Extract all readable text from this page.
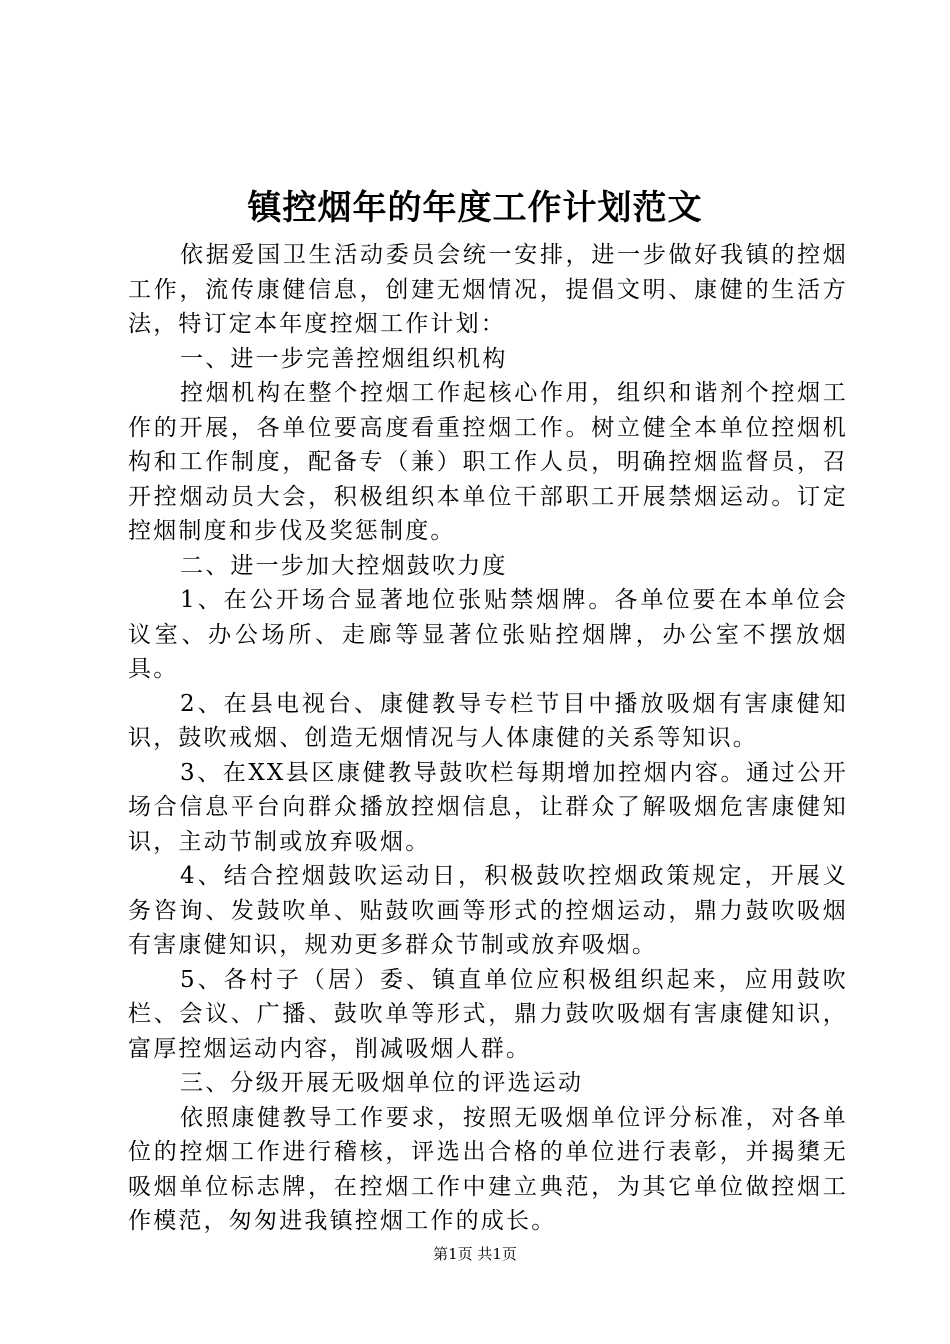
镇控烟年的年度工作计划范文

依据爱国卫生活动委员会统一安排，进一步做好我镇的控烟工作，流传康健信息，创建无烟情况，提倡文明、康健的生活方法，特订定本年度控烟工作计划：

一、进一步完善控烟组织机构

控烟机构在整个控烟工作起核心作用，组织和谐剂个控烟工作的开展，各单位要高度看重控烟工作。树立健全本单位控烟机构和工作制度，配备专（兼）职工作人员，明确控烟监督员，召开控烟动员大会，积极组织本单位干部职工开展禁烟运动。订定控烟制度和步伐及奖惩制度。

二、进一步加大控烟鼓吹力度

1、在公开场合显著地位张贴禁烟牌。各单位要在本单位会议室、办公场所、走廊等显著位张贴控烟牌，办公室不摆放烟具。

2、在县电视台、康健教导专栏节目中播放吸烟有害康健知识，鼓吹戒烟、创造无烟情况与人体康健的关系等知识。

3、在XX县区康健教导鼓吹栏每期增加控烟内容。通过公开场合信息平台向群众播放控烟信息，让群众了解吸烟危害康健知识，主动节制或放弃吸烟。

4、结合控烟鼓吹运动日，积极鼓吹控烟政策规定，开展义务咨询、发鼓吹单、贴鼓吹画等形式的控烟运动，鼎力鼓吹吸烟有害康健知识，规劝更多群众节制或放弃吸烟。

5、各村子（居）委、镇直单位应积极组织起来，应用鼓吹栏、会议、广播、鼓吹单等形式，鼎力鼓吹吸烟有害康健知识，富厚控烟运动内容，削减吸烟人群。

三、分级开展无吸烟单位的评选运动

依照康健教导工作要求，按照无吸烟单位评分标准，对各单位的控烟工作进行稽核，评选出合格的单位进行表彰，并揭橥无吸烟单位标志牌，在控烟工作中建立典范，为其它单位做控烟工作模范，匆匆进我镇控烟工作的成长。

第1页 共1页
